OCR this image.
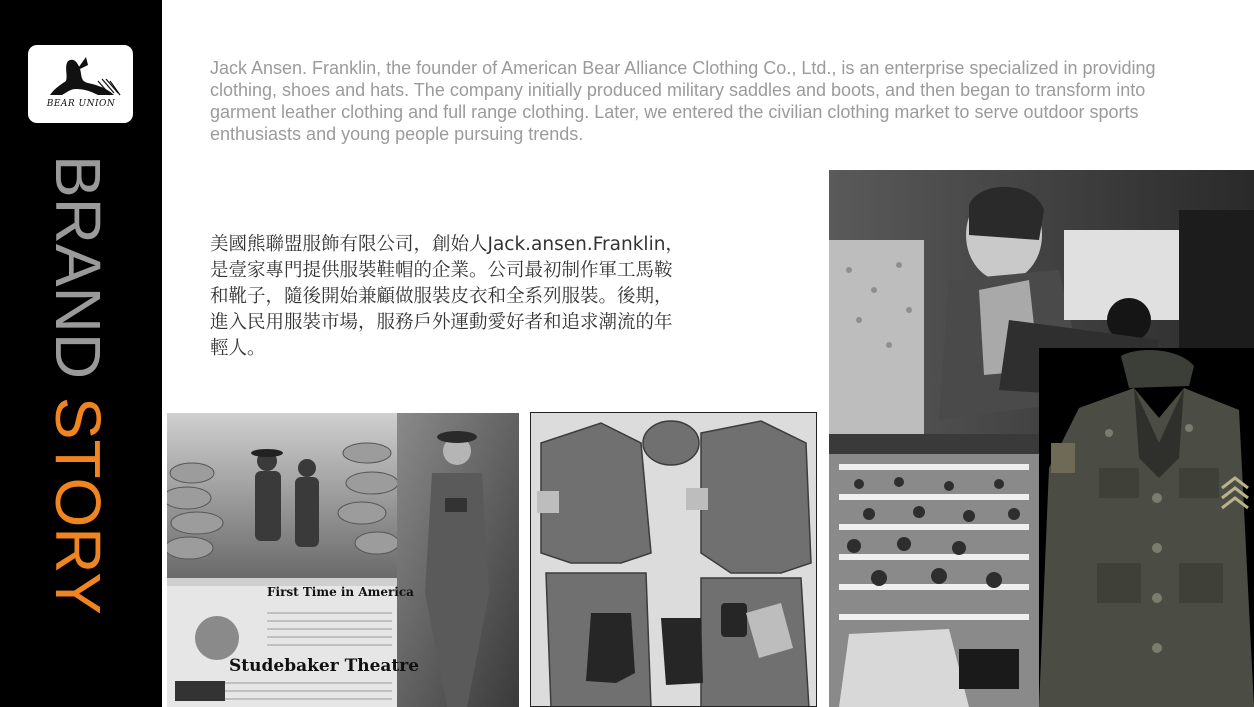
BEAR UNION
BRAND STORY

Jack Ansen. Franklin, the founder of American Bear Alliance Clothing Co., Ltd., is an enterprise specialized in providing clothing, shoes and hats. The company initially produced military saddles and boots, and then began to transform into garment leather clothing and full range clothing. Later, we entered the civilian clothing market to serve outdoor sports enthusiasts and young people pursuing trends.

美國熊聯盟服飾有限公司，創始人Jack.ansen.Franklin，是壹家專門提供服裝鞋帽的企業。公司最初制作軍工馬鞍和靴子，隨後開始兼顧做服裝皮衣和全系列服裝。後期，進入民用服裝市場，服務戶外運動愛好者和追求潮流的年輕人。

First Time in America
Studebaker Theatre
